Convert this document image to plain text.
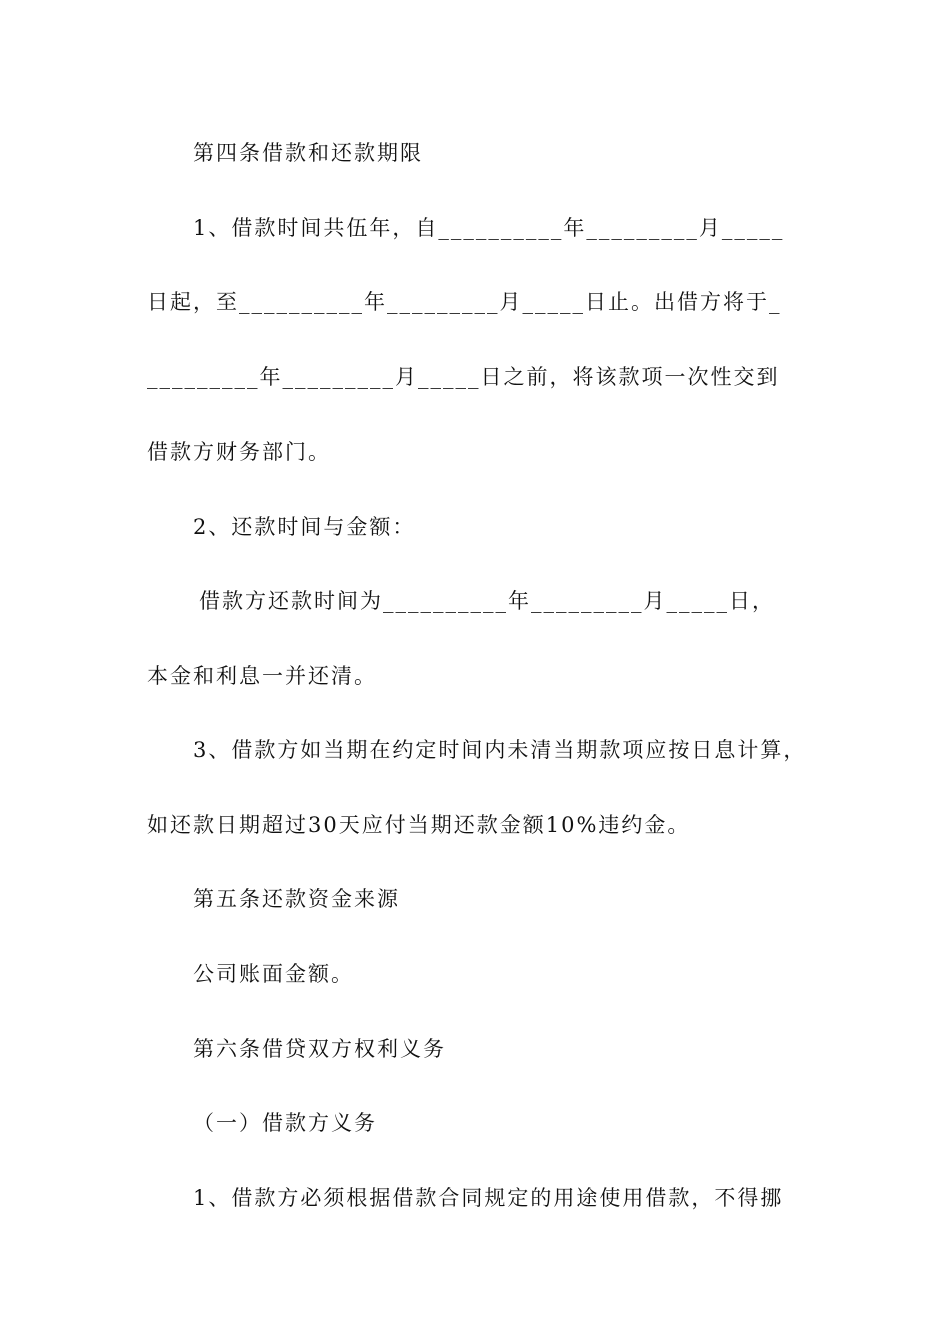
第四条借款和还款期限
1、借款时间共伍年，自__________年_________月_____
日起，至__________年_________月_____日止。出借方将于_
_________年_________月_____日之前，将该款项一次性交到
借款方财务部门。
2、还款时间与金额：
借款方还款时间为__________年_________月_____日，
本金和利息一并还清。
3、借款方如当期在约定时间内未清当期款项应按日息计算，
如还款日期超过30天应付当期还款金额10%违约金。
第五条还款资金来源
公司账面金额。
第六条借贷双方权利义务
（一）借款方义务
1、借款方必须根据借款合同规定的用途使用借款，不得挪
